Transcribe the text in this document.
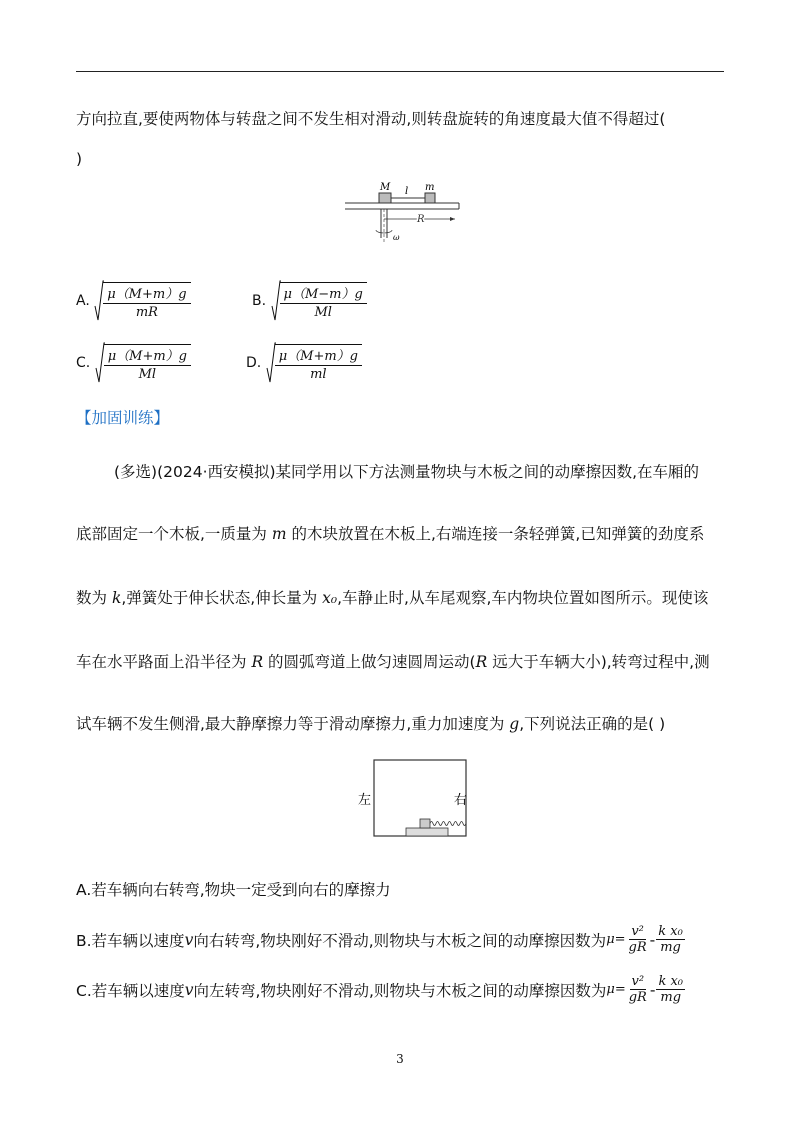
方向拉直,要使两物体与转盘之间不发生相对滑动,则转盘旋转的角速度最大值不得超过(
)
M l m
R
ω
A. $\frac{\mu(M+m)g}{mR}$	B. $\frac{\mu(M-m)g}{Ml}$
C. $\frac{\mu(M+m)g}{Ml}$	D. $\frac{\mu(M+m)g}{ml}$
【加固训练】
(多选)(2024·西安模拟)某同学用以下方法测量物块与木板之间的动摩擦因数,在车厢的
底部固定一个木板,一质量为 m 的木块放置在木板上,右端连接一条轻弹簧,已知弹簧的劲度系
数为 k,弹簧处于伸长状态,伸长量为 x₀,车静止时,从车尾观察,车内物块位置如图所示。现使该
车在水平路面上沿半径为 R 的圆弧弯道上做匀速圆周运动(R 远大于车辆大小),转弯过程中,测
试车辆不发生侧滑,最大静摩擦力等于滑动摩擦力,重力加速度为 g,下列说法正确的是( )
左	右
A.若车辆向右转弯,物块一定受到向右的摩擦力
B.若车辆以速度 v 向右转弯,物块刚好不滑动,则物块与木板之间的动摩擦因数为 $\mu= \frac{\text{v²}}{gR} - \frac{\text{k x₀}}{mg}$
C.若车辆以速度 v 向左转弯,物块刚好不滑动,则物块与木板之间的动摩擦因数为 $\mu= \frac{\text{v²}}{gR} - \frac{\text{k x₀}}{mg}$
3
